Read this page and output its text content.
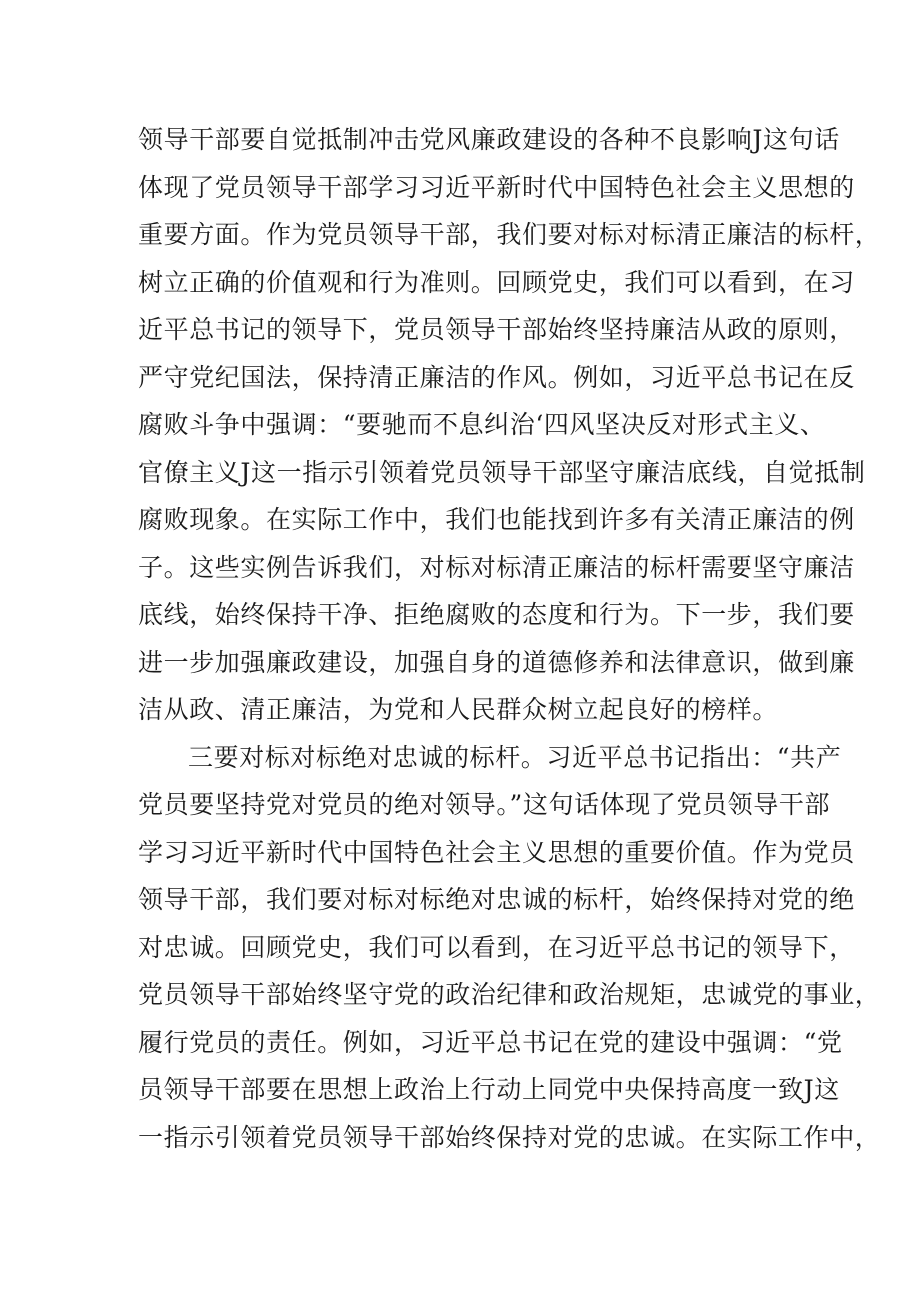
领导干部要自觉抵制冲击党风廉政建设的各种不良影响J这句话
体现了党员领导干部学习习近平新时代中国特色社会主义思想的
重要方面。作为党员领导干部，我们要对标对标清正廉洁的标杆，
树立正确的价值观和行为准则。回顾党史，我们可以看到，在习
近平总书记的领导下，党员领导干部始终坚持廉洁从政的原则，
严守党纪国法，保持清正廉洁的作风。例如，习近平总书记在反
腐败斗争中强调：“要驰而不息纠治‘四风坚决反对形式主义、
官僚主义J这一指示引领着党员领导干部坚守廉洁底线，自觉抵制
腐败现象。在实际工作中，我们也能找到许多有关清正廉洁的例
子。这些实例告诉我们，对标对标清正廉洁的标杆需要坚守廉洁
底线，始终保持干净、拒绝腐败的态度和行为。下一步，我们要
进一步加强廉政建设，加强自身的道德修养和法律意识，做到廉
洁从政、清正廉洁，为党和人民群众树立起良好的榜样。
三要对标对标绝对忠诚的标杆。习近平总书记指出：“共产
党员要坚持党对党员的绝对领导。”这句话体现了党员领导干部
学习习近平新时代中国特色社会主义思想的重要价值。作为党员
领导干部，我们要对标对标绝对忠诚的标杆，始终保持对党的绝
对忠诚。回顾党史，我们可以看到，在习近平总书记的领导下，
党员领导干部始终坚守党的政治纪律和政治规矩，忠诚党的事业，
履行党员的责任。例如，习近平总书记在党的建设中强调：“党
员领导干部要在思想上政治上行动上同党中央保持高度一致J这
一指示引领着党员领导干部始终保持对党的忠诚。在实际工作中，
